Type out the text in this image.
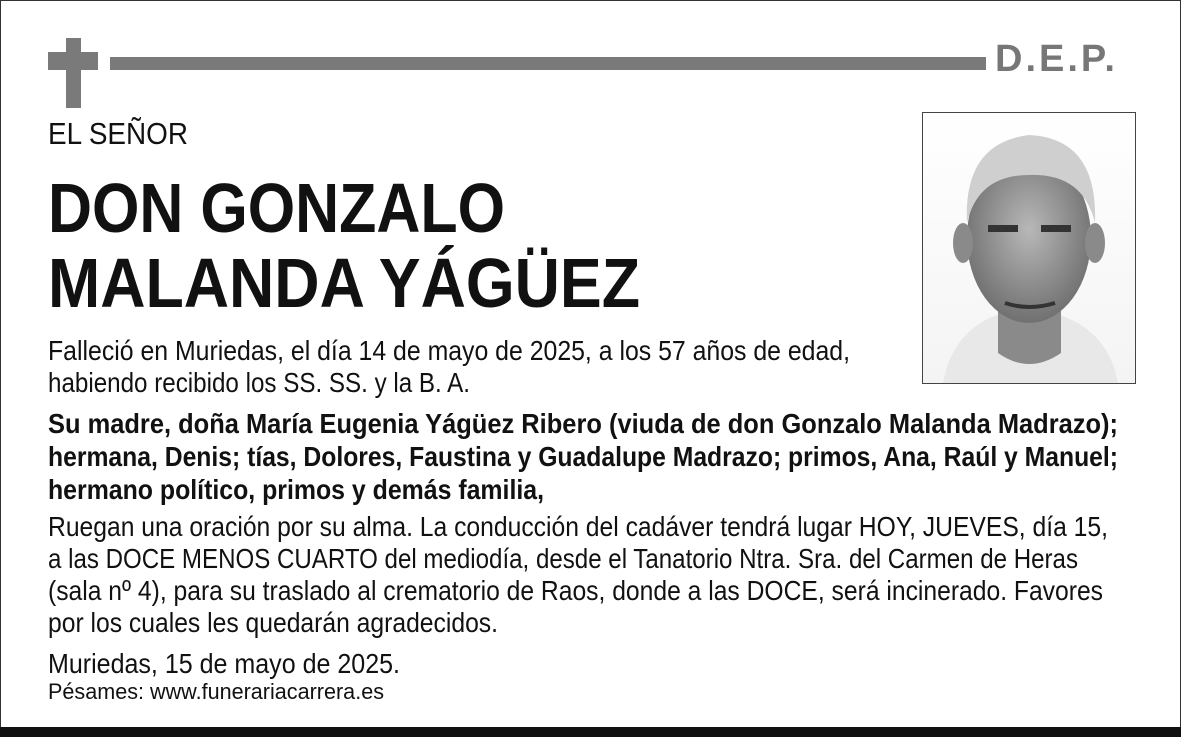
D.E.P.
EL SEÑOR
DON GONZALO
MALANDA YÁGÜEZ
Falleció en Muriedas, el día 14 de mayo de 2025, a los 57 años de edad,
habiendo recibido los SS. SS. y la B. A.
Su madre, doña María Eugenia Yágüez Ribero (viuda de don Gonzalo Malanda Madrazo);
hermana, Denis; tías, Dolores, Faustina y Guadalupe Madrazo; primos, Ana, Raúl y Manuel;
hermano político, primos y demás familia,
Ruegan una oración por su alma. La conducción del cadáver tendrá lugar HOY, JUEVES, día 15,
a las DOCE MENOS CUARTO del mediodía, desde el Tanatorio Ntra. Sra. del Carmen de Heras
(sala nº 4), para su traslado al crematorio de Raos, donde a las DOCE, será incinerado. Favores
por los cuales les quedarán agradecidos.
Muriedas, 15 de mayo de 2025.
Pésames: www.funerariacarrera.es
